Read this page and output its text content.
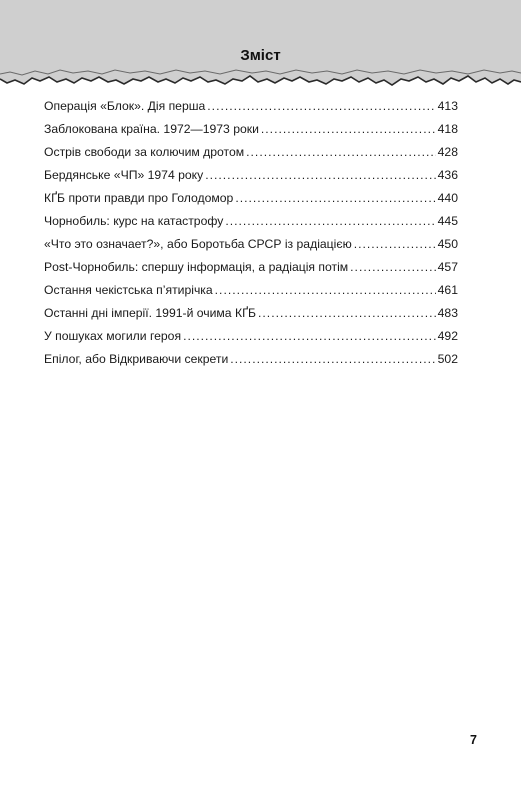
Зміст
Операція «Блок». Дія перша .....	413
Заблокована країна. 1972—1973 роки .....	418
Острів свободи за колючим дротом .....	428
Бердянське «ЧП» 1974 року .....	436
КҐБ проти правди про Голодомор .....	440
Чорнобиль: курс на катастрофу .....	445
«Что это означает?», або Боротьба СРСР із радіацією .....	450
Post-Чорнобиль: спершу інформація, а радіація потім .....	457
Остання чекістська п’ятирічка .....	461
Останні дні імперії. 1991-й очима КҐБ .....	483
У пошуках могили героя .....	492
Епілог, або Відкриваючи секрети .....	502
7
